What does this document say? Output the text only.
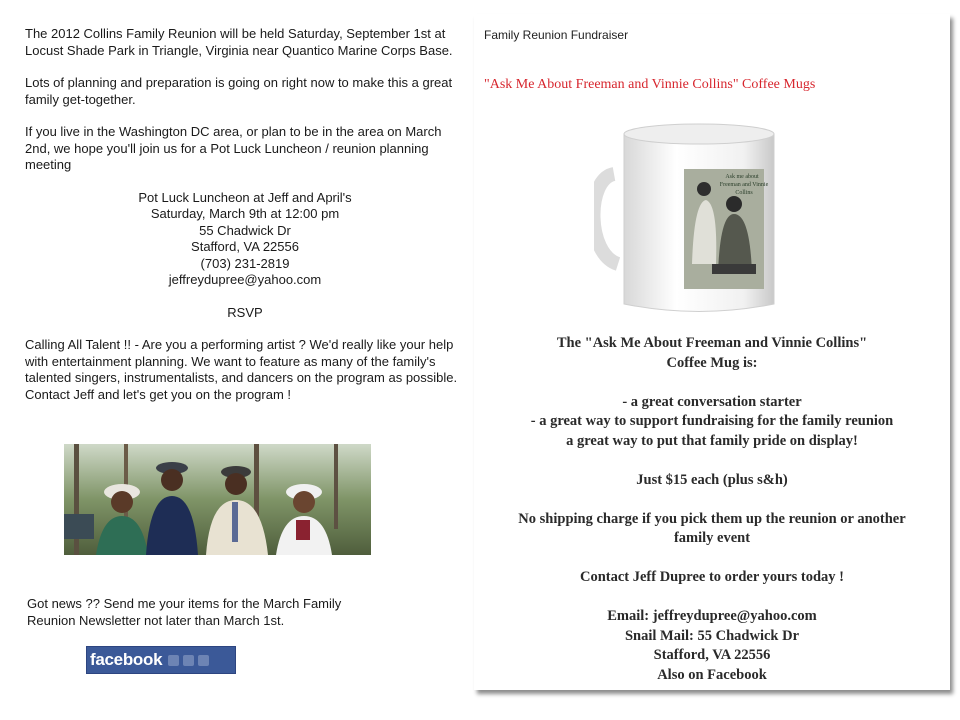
The 2012 Collins Family Reunion will be held Saturday, September 1st at Locust Shade Park in Triangle, Virginia near Quantico Marine Corps Base.

Lots of planning and preparation is going on right now to make this a great family get-together.

If you live in the Washington DC area, or plan to be in the area on March 2nd, we hope you'll join us for a Pot Luck Luncheon / reunion planning meeting

Pot Luck Luncheon at Jeff and April's
Saturday, March 9th at 12:00 pm
55 Chadwick Dr
Stafford, VA 22556
(703) 231-2819
jeffreydupree@yahoo.com
RSVP

Calling All Talent !! - Are you a performing artist ? We'd really like your help with entertainment planning. We want to feature as many of the family's talented singers, instrumentalists, and dancers on the program as possible. Contact Jeff and let's get you on the program !

Got news ?? Send me your items for the March Family Reunion Newsletter not later than March 1st.
facebook
Family Reunion Fundraiser
"Ask Me About Freeman and Vinnie Collins" Coffee Mugs
Ask me about
Freeman and Vinnie
Collins
The "Ask Me About Freeman and Vinnie Collins"
Coffee Mug is:
- a great conversation starter
- a great way to support fundraising for the family reunion
a great way to put that family pride on display!
Just $15 each (plus s&h)
No shipping charge if you pick them up the reunion or another
family event
Contact Jeff Dupree to order yours today !
Email: jeffreydupree@yahoo.com
Snail Mail: 55 Chadwick Dr
Stafford, VA 22556
Also on Facebook
